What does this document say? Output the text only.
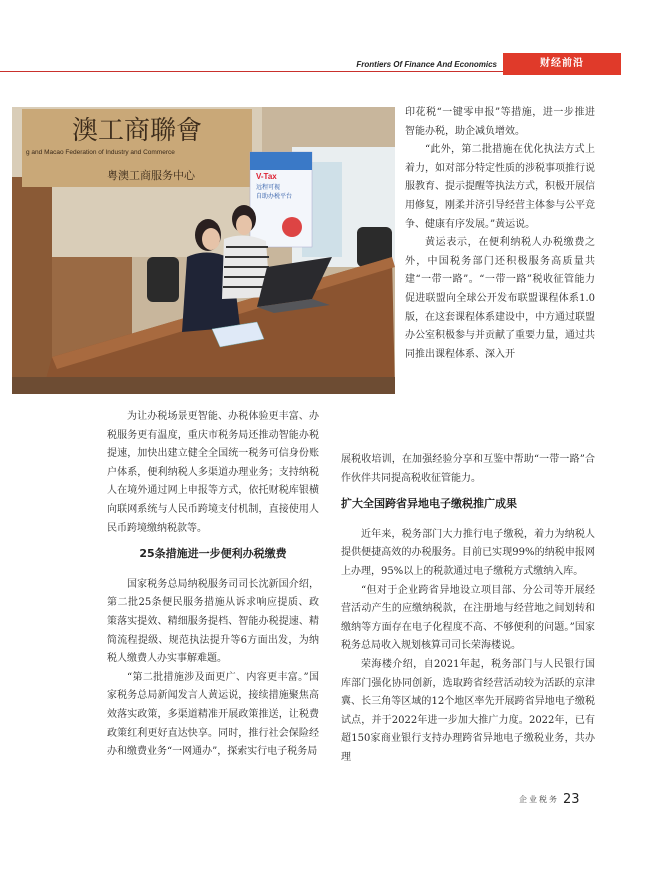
Frontiers Of Finance And Economics	财经前沿
澳工商聯會
g and Macao Federation of Industry and Commerce
粤澳工商服务中心	V-Tax
远程可视
自助办税平台

印花税“一键零申报”等措施，进一步推进智能办税，助企减负增效。

“此外，第二批措施在优化执法方式上着力，如对部分特定性质的涉税事项推行说服教育、提示提醒等执法方式，积极开展信用修复，刚柔并济引导经营主体参与公平竞争、健康有序发展。”黄运说。

黄运表示，在便利纳税人办税缴费之外，中国税务部门还积极服务高质量共建“一带一路”。“一带一路”税收征管能力促进联盟向全球公开发布联盟课程体系1.0版，在这套课程体系建设中，中方通过联盟办公室积极参与并贡献了重要力量，通过共同推出课程体系、深入开

展税收培训，在加强经验分享和互鉴中帮助“一带一路”合作伙伴共同提高税收征管能力。

扩大全国跨省异地电子缴税推广成果

近年来，税务部门大力推行电子缴税，着力为纳税人提供便捷高效的办税服务。目前已实现99%的纳税申报网上办理，95%以上的税款通过电子缴税方式缴纳入库。

“但对于企业跨省异地设立项目部、分公司等开展经营活动产生的应缴纳税款，在注册地与经营地之间划转和缴纳等方面存在电子化程度不高、不够便利的问题。”国家税务总局收入规划核算司司长荣海楼说。

荣海楼介绍，自2021年起，税务部门与人民银行国库部门强化协同创新，选取跨省经营活动较为活跃的京津冀、长三角等区域的12个地区率先开展跨省异地电子缴税试点，并于2022年进一步加大推广力度。2022年，已有超150家商业银行支持办理跨省异地电子缴税业务，共办理

为让办税场景更智能、办税体验更丰富、办税服务更有温度，重庆市税务局还推动智能办税提速，加快出建立健全全国统一税务可信身份账户体系，便利纳税人多渠道办理业务；支持纳税人在境外通过网上申报等方式，依托财税库银横向联网系统与人民币跨境支付机制，直接使用人民币跨境缴纳税款等。

25条措施进一步便利办税缴费

国家税务总局纳税服务司司长沈新国介绍，第二批25条便民服务措施从诉求响应提质、政策落实提效、精细服务提档、智能办税提速、精简流程提级、规范执法提升等6方面出发，为纳税人缴费人办实事解难题。

“第二批措施涉及面更广、内容更丰富。”国家税务总局新闻发言人黄运说，接续措施聚焦高效落实政策，多渠道精准开展政策推送，让税费政策红利更好直达快享。同时，推行社会保险经办和缴费业务“一网通办”，探索实行电子税务局

企业税务 23
